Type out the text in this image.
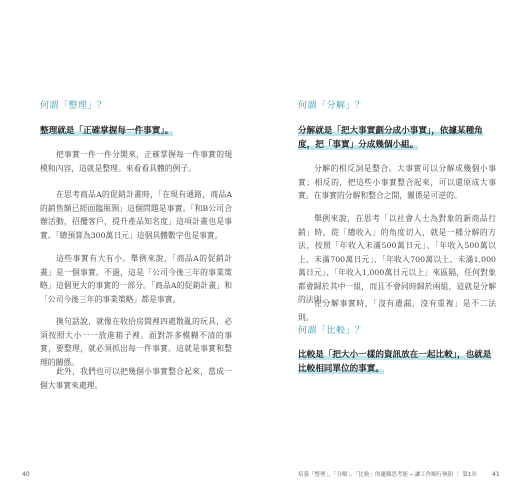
何謂「整理」？
整理就是「正確掌握每一件事實」。

把事實一件一件分開來，正確掌握每一件事實的規模和內容，這就是整理。來看看具體的例子。

在思考商品A的促銷計畫時，「在現有通路，商品A的銷售額已經面臨瓶頸」這個問題是事實。「和B公司合辦活動，招攬客戶，提升產品知名度」這項計畫也是事實。「總預算為300萬日元」這個具體數字也是事實。

這些事實有大有小。舉例來說，「商品A的促銷計畫」是一個事實。不過，這是「公司今後三年的事業策略」這個更大的事實的一部分。「商品A的促銷計畫」和「公司今後三年的事業策略」都是事實。

換句話說，就像在收拾房間裡四處散亂的玩具，必須按照大小一一放進箱子裡。面對許多模糊不清的事實，要整理，就必須抓出每一件事實。這就是事實和整理的關係。

此外，我們也可以把幾個小事實整合起來，當成一個大事實來處理。

40
何謂「分解」？
分解就是「把大事實劃分成小事實」，依據某種角度，把「事實」分成幾個小組。

分解的相反詞是整合。大事實可以分解成幾個小事實；相反的，把這些小事實整合起來，可以還原成大事實。在事實的分解和整合之間，關係是可逆的。

舉例來說，在思考「以社會人士為對象的新商品行銷」時，從「總收入」的角度切入，就是一種分解的方法，按照「年收入未滿500萬日元」、「年收入500萬以上、未滿700萬日元」、「年收入700萬以上、未滿1,000萬日元」、「年收入1,000萬日元以上」來區隔，任何對象都會歸於其中一組，而且不會同時歸於兩組，這就是分解的法則。

在分解事實時，「沒有遺漏，沒有重複」是不二法則。

何謂「比較」？
比較是「把大小一樣的資訊放在一起比較」，也就是比較相同單位的事實。
培養「整理」、「分解」、「比較」的邏輯思考能 ─ 讓工作順行無阻 ｜ 第1章	41
